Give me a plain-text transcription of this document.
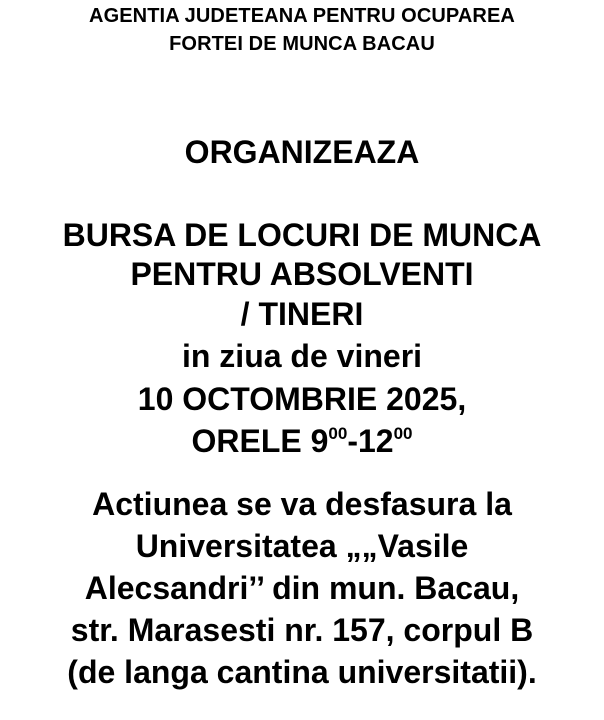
AGENTIA JUDETEANA PENTRU OCUPAREA
FORTEI DE MUNCA BACAU
ORGANIZEAZA
BURSA DE LOCURI DE MUNCA
PENTRU ABSOLVENTI
/ TINERI
in ziua de vineri
10 OCTOMBRIE 2025,
ORELE $9^{00}-12^{00}$
Actiunea se va desfasura la
Universitatea „„Vasile
Alecsandri’’ din mun. Bacau,
str. Marasesti nr. 157, corpul B
(de langa cantina universitatii).
